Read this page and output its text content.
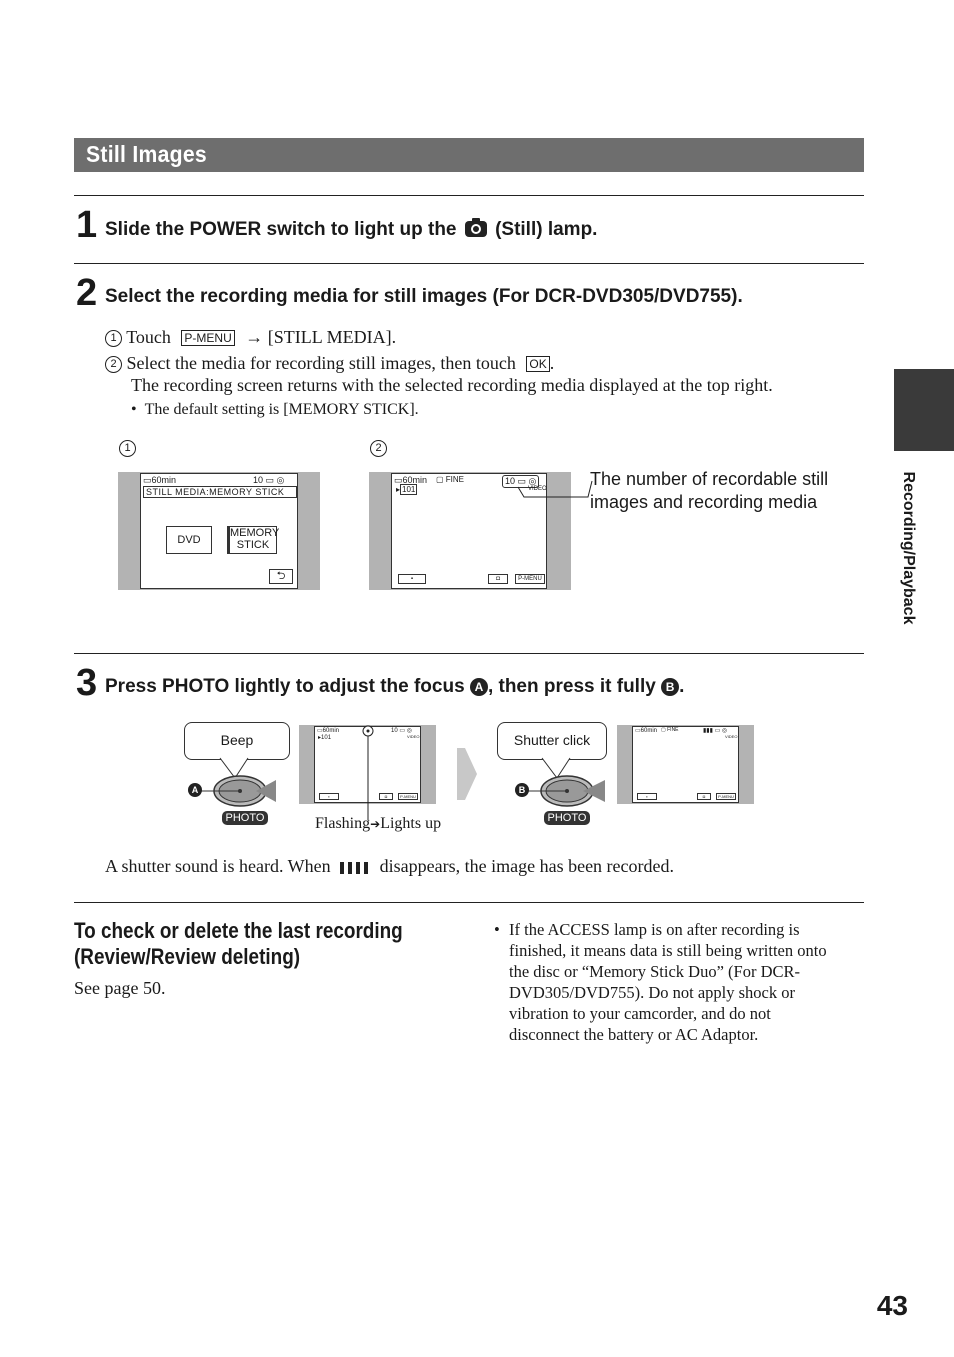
Still Images
1 Slide the POWER switch to light up the (Still) lamp.
2 Select the recording media for still images (For DCR-DVD305/DVD755).
1 Touch P-MENU → [STILL MEDIA].
2 Select the media for recording still images, then touch OK .
The recording screen returns with the selected recording media displayed at the top right.
• The default setting is [MEMORY STICK].
1	2
▭60min	10 ▭ ◎
STILL MEDIA:MEMORY STICK
DVD
MEMORY
STICK
⮌
▭60min ▢ FINE	10 ▭ ◎
VIDEO
▸ 101
▪	◘	P-MENU
The number of recordable still images and recording media
3 Press PHOTO lightly to adjust the focus A , then press it fully B .
Beep
A
PHOTO
▭60min	10 ▭ ◎
VIDEO
▸101
▪	◘	P-MENU
Flashing➔Lights up
Shutter click
B
PHOTO
▭60min ▢ FINE	▮▮▮ ▭ ◎
VIDEO
▪	◘	P-MENU
A shutter sound is heard. When	disappears, the image has been recorded.
To check or delete the last recording
(Review/Review deleting)
See page 50.
• If the ACCESS lamp is on after recording is
finished, it means data is still being written onto
the disc or “Memory Stick Duo” (For DCR-
DVD305/DVD755). Do not apply shock or
vibration to your camcorder, and do not
disconnect the battery or AC Adaptor.
Recording/Playback
43
